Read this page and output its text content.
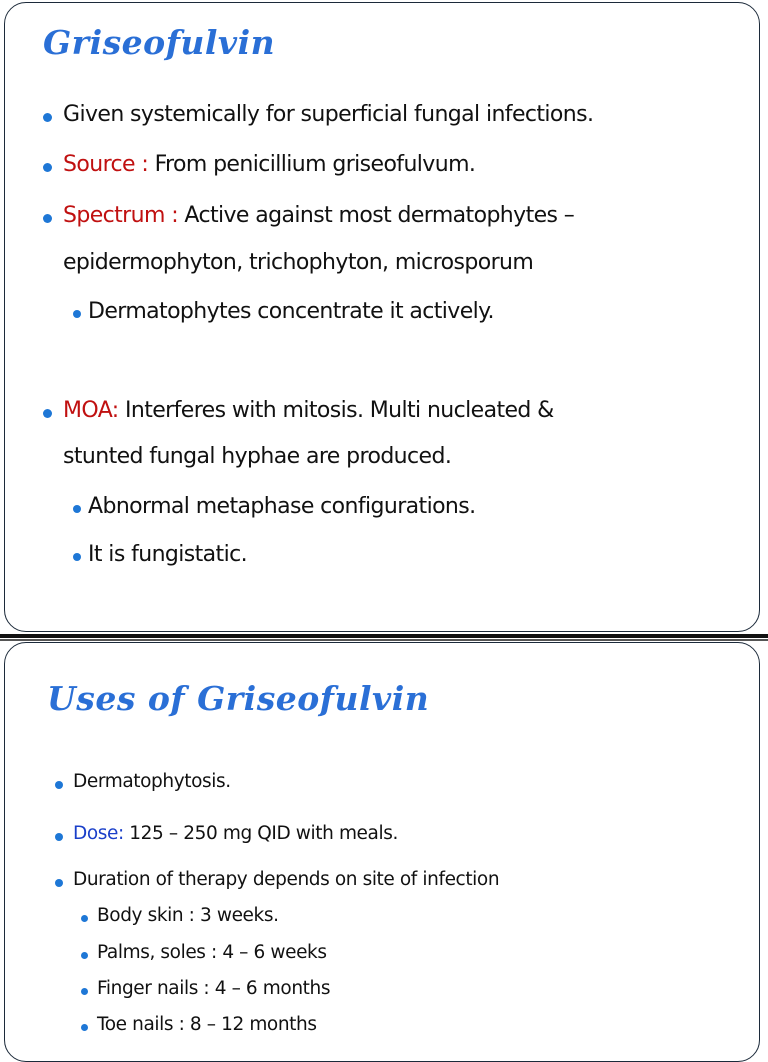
Griseofulvin
Given systemically for superficial fungal infections.
Source : From penicillium griseofulvum.
Spectrum : Active against most dermatophytes –
epidermophyton, trichophyton, microsporum
Dermatophytes concentrate it actively.
MOA: Interferes with mitosis. Multi nucleated &
stunted fungal hyphae are produced.
Abnormal metaphase configurations.
It is fungistatic.
Uses of Griseofulvin
Dermatophytosis.
Dose: 125 – 250 mg QID with meals.
Duration of therapy depends on site of infection
Body skin : 3 weeks.
Palms, soles : 4 – 6 weeks
Finger nails : 4 – 6 months
Toe nails : 8 – 12 months
